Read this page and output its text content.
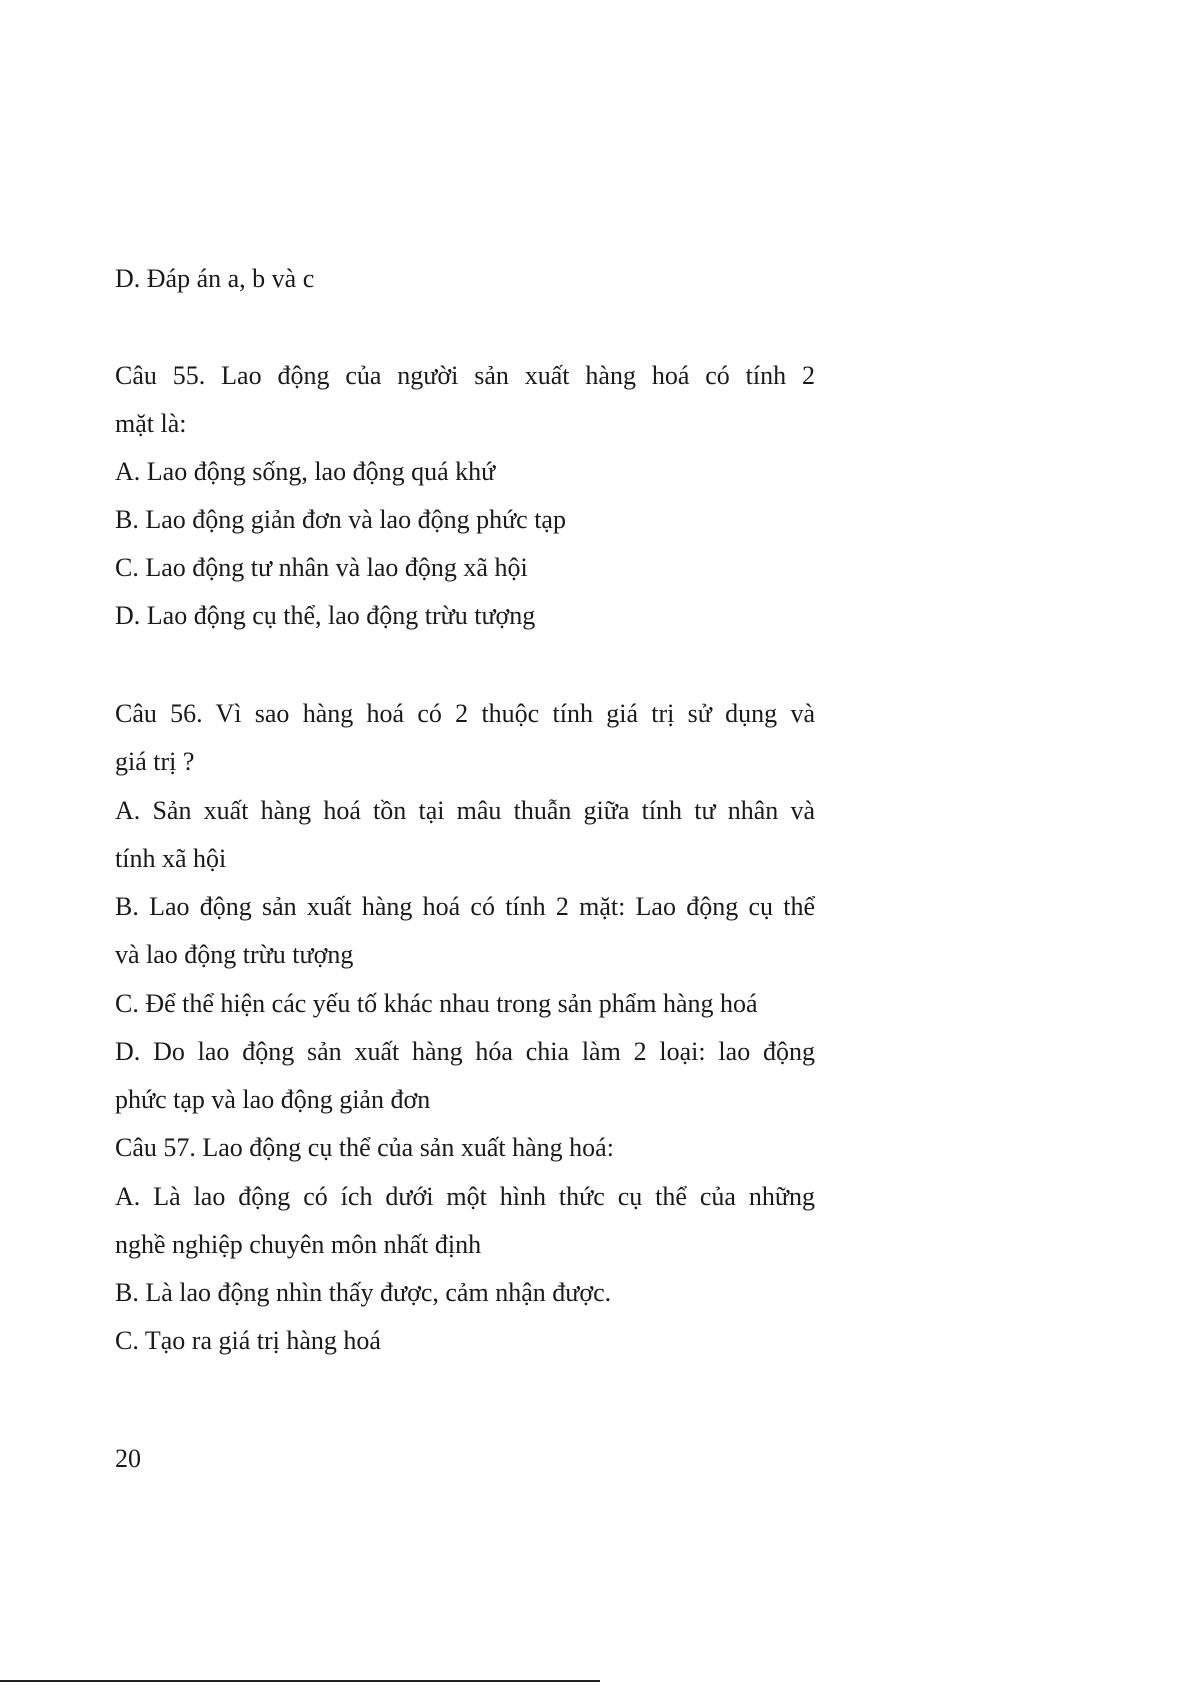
D. Đáp án a, b và c
Câu 55. Lao động của người sản xuất hàng hoá có tính 2
mặt là:
A. Lao động sống, lao động quá khứ
B. Lao động giản đơn và lao động phức tạp
C. Lao động tư nhân và lao động xã hội
D. Lao động cụ thể, lao động trừu tượng
Câu 56. Vì sao hàng hoá có 2 thuộc tính giá trị sử dụng và
giá trị ?
A. Sản xuất hàng hoá tồn tại mâu thuẫn giữa tính tư nhân và
tính xã hội
B. Lao động sản xuất hàng hoá có tính 2 mặt: Lao động cụ thể
và lao động trừu tượng
C. Để thể hiện các yếu tố khác nhau trong sản phẩm hàng hoá
D. Do lao động sản xuất hàng hóa chia làm 2 loại: lao động
phức tạp và lao động giản đơn
Câu 57. Lao động cụ thể của sản xuất hàng hoá:
A. Là lao động có ích dưới một hình thức cụ thể của những
nghề nghiệp chuyên môn nhất định
B. Là lao động nhìn thấy được, cảm nhận được.
C. Tạo ra giá trị hàng hoá
20
